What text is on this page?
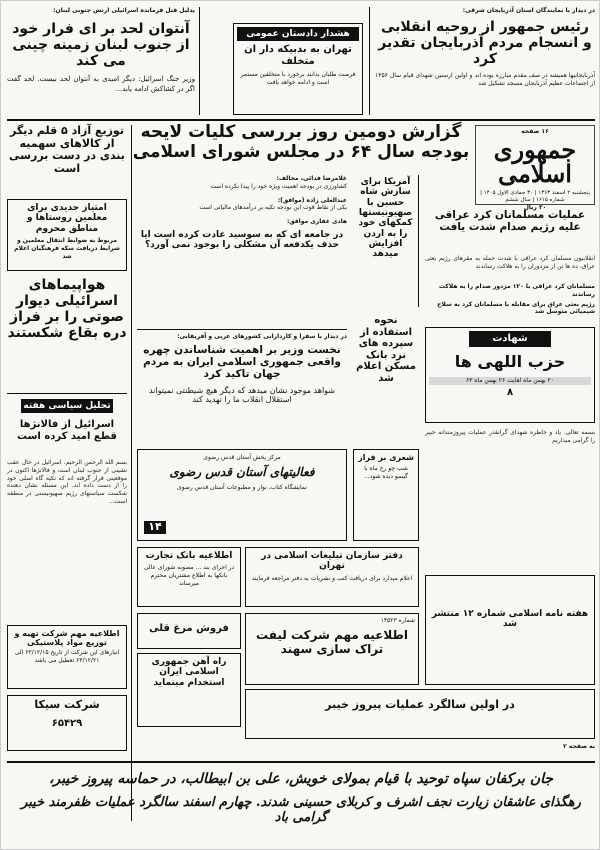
یدلیل قتل فرمانده اسرائیلی ارتش جنوبی لبنان:
آنتوان لحد بر ای فرار خود از جنوب لبنان زمینه چینی می کند
وزیر جنگ اسرائیل: دیگر امیدی به آنتوان لحد نیست. لحد گفت اگر در کشاکش ادامه یابد...
هشدار دادستان عمومی
تهران به بدبیکه دار ان متخلف
فرصت طلبان بدانند برخورد با متخلفین مستمر است و ادامه خواهد یافت
در دیدار با نمایندگان استان آذربایجان شرقی:
رئیس جمهور از روحیه انقلابی و انسجام مردم آذربایجان تقدیر کرد
آذربایجانیها همیشه در صف مقدم مبارزه بوده اند و اولین ارسنین شهدای قیام سال ۱۳۵۶ از اجتماعات عظیم آذربایجان مسجد تشکیل شد
گزارش دومین روز بررسی کلیات لایحه بودجه سال ۶۴ در مجلس شورای اسلامی
۱۶ صفحه
جمهوری اسلامی
پنجشنبه ۲ اسفند ۱۳۶۳ | ۳۰ جمادی الاول ۱۴۰۵ | شماره ۱۶۱۵ | سال ششم
۲۰ ریال
توزیع آزاد ۵ قلم دیگر از کالاهای سهمیه بندی در دست بررسی است
امتیاز جدیدی برای معلمین روستاها و مناطق محروم
مربوط به ضوابط انتقال معلمین و شرایط دریافت سکه فرهنگیان اعلام شد
هواپیماهای اسرائیلی دیوار صوتی را بر فراز دره بقاع شکستند
تحلیل سیاسی هفته
اسرائیل از فالانژها قطع امید کرده است
بسم الله الرحمن الرحیم. اسرائیل در حال عقب نشینی از جنوب لبنان است و فالانژها اکنون در موقعیتی قرار گرفته اند که تکیه گاه اصلی خود را از دست داده اند. این مسئله نشان دهنده شکست سیاستهای رژیم صهیونیستی در منطقه است...
غلامرضا فدائی، مخالف:
کشاورزی در بودجه اهمیت ویژه خود را پیدا نکرده است
عبدالعلی زاده (موافق):
یکی از نقاط قوت این بودجه تکیه بر درآمدهای مالیاتی است
هادی غفاری موافق:
در جامعه ای که به سوسید عادت کرده است ایا حذف یکدفعه آن مشکلی را بوجود نمی آورد؟
آمریکا برای سازش شاه حسین با صهیونیستها کمکهای خود را به اردن افزایش میدهد
عملیات مسلمانان کرد عراقی علیه رژیم صدام شدت یافت
انقلابیون مسلمان کرد عراقی با شدت حمله به مقرهای رژیم بعثی عراق، ده ها تن از مزدوران را به هلاکت رساندند
مسلمانان کرد عراقی با ۱۲۰ مزدور صدام را به هلاکت رساندند
رژیم بعثی عراق برای مقابله با مسلمانان کرد به سلاح شیمیائی متوسل شد
نحوه استفاده از سپرده های نزد بانک مسکن اعلام شد
در دیدار با سفرا و کاردارانی کشورهای عربی و آفریقایی:
نخست وزیر بر اهمیت شناساندن چهره واقعی جمهوری اسلامی ایران به مردم جهان تاکید کرد
شواهد موجود نشان میدهد که دیگر هیچ شیطنتی نمیتواند استقلال انقلاب ما را تهدید کند
شهادت
حزب اللهی ها
۲۰ بهمن ماه لغایت ۲۶ بهمن ماه ۶۳
۸
بسمه تعالی. یاد و خاطره شهدای گرانقدر عملیات پیروزمندانه خیبر را گرامی میداریم
مرکز پخش آستان قدس رضوی
فعالیتهای آستان قدس رضوی
نمایشگاه کتاب، نوار و مطبوعات آستان قدس رضوی
۱۴
شعری بر فراز
شب چو رخ ماه با گیسو دیده شود...
دفتر سازمان تبلیغات اسلامی در تهران
اعلام میدارد برای دریافت کتب و نشریات به دفتر مراجعه فرمایند
اطلاعیه بانک تجارت
در اجرای بند ... مصوبه شورای عالی بانکها به اطلاع مشتریان محترم میرساند
شماره ۱۴۵۲۳
اطلاعیه مهم شرکت لیفت تراک سازی سهند
فروش مرغ قلی
هفته نامه اسلامی شماره ۱۲ منتشر شد
اطلاعیه مهم شرکت تهیه و توزیع مواد پلاستیکی
انبارهای این شرکت از تاریخ ۶۳/۱۲/۱۵ الی ۶۳/۱۲/۲۱ تعطیل می باشد	راه آهن جمهوری اسلامی ایران استخدام مینماید
در اولین سالگرد عملیات پیروز خیبر
شرکت سیکا
۶۵۴۲۹
به صفحه ۲
جان برکفان سپاه توحید با قیام بمولای خویش، علی بن ابیطالب، در حماسه پیروز خیبر،
رهگذای عاشقان زیارت نجف اشرف و کربلای حسینی شدند. چهارم اسفند سالگرد عملیات ظفرمند خیبر گرامی باد
